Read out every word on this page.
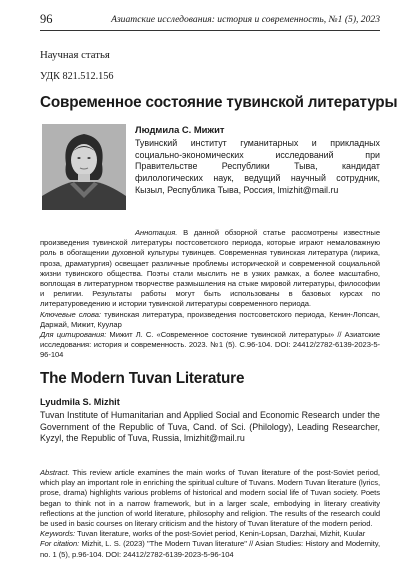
96	Азиатские исследования: история и современность, №1 (5), 2023
Научная статья
УДК 821.512.156
Современное состояние тувинской литературы
Людмила С. Мижит
Тувинский институт гуманитарных и прикладных социально-экономических исследований при Правительстве Республики Тыва, кандидат филологических наук, ведущий научный сотрудник, Кызыл, Республика Тыва, Россия, lmizhit@mail.ru

Аннотация. В данной обзорной статье рассмотрены известные произведения тувинской литературы постсоветского периода, которые играют немаловажную роль в обогащении духовной культуры тувинцев. Современная тувинская литература (лирика, проза, драматургия) освещает различные проблемы исторической и современной социальной жизни тувинского общества. Поэты стали мыслить не в узких рамках, а более масштабно, воплощая в литературном творчестве размышления на стыке мировой литературы, философии и религии. Результаты работы могут быть использованы в базовых курсах по литературоведению и истории тувинской литературы современного периода.

Ключевые слова: тувинская литература, произведения постсоветского периода, Кенин-Лопсан, Даржай, Мижит, Куулар

Для цитирования: Мижит Л. С. «Современное состояние тувинской литературы» // Азиатские исследования: история и современность. 2023. №1 (5). С.96-104. DOI: 24412/2782-6139-2023-5-96-104

The Modern Tuvan Literature
Lyudmila S. Mizhit
Tuvan Institute of Humanitarian and Applied Social and Economic Research under the Government of the Republic of Tuva, Cand. of Sci. (Philology), Leading Researcher, Kyzyl, the Republic of Tuva, Russia, lmizhit@mail.ru

Abstract. This review article examines the main works of Tuvan literature of the post-Soviet period, which play an important role in enriching the spiritual culture of Tuvans. Modern Tuvan literature (lyrics, prose, drama) highlights various problems of historical and modern social life of Tuvan society. Poets began to think not in a narrow framework, but in a larger scale, embodying in literary creativity reflections at the junction of world literature, philosophy and religion. The results of the research could be used in basic courses on literary criticism and the history of Tuvan literature of the modern period.

Keywords: Tuvan literature, works of the post-Soviet period, Kenin-Lopsan, Darzhai, Mizhit, Kuular

For citation: Mizhit, L. S. (2023) "The Modern Tuvan literature" // Asian Studies: History and Modernity, no. 1 (5), p.96-104. DOI: 24412/2782-6139-2023-5-96-104
